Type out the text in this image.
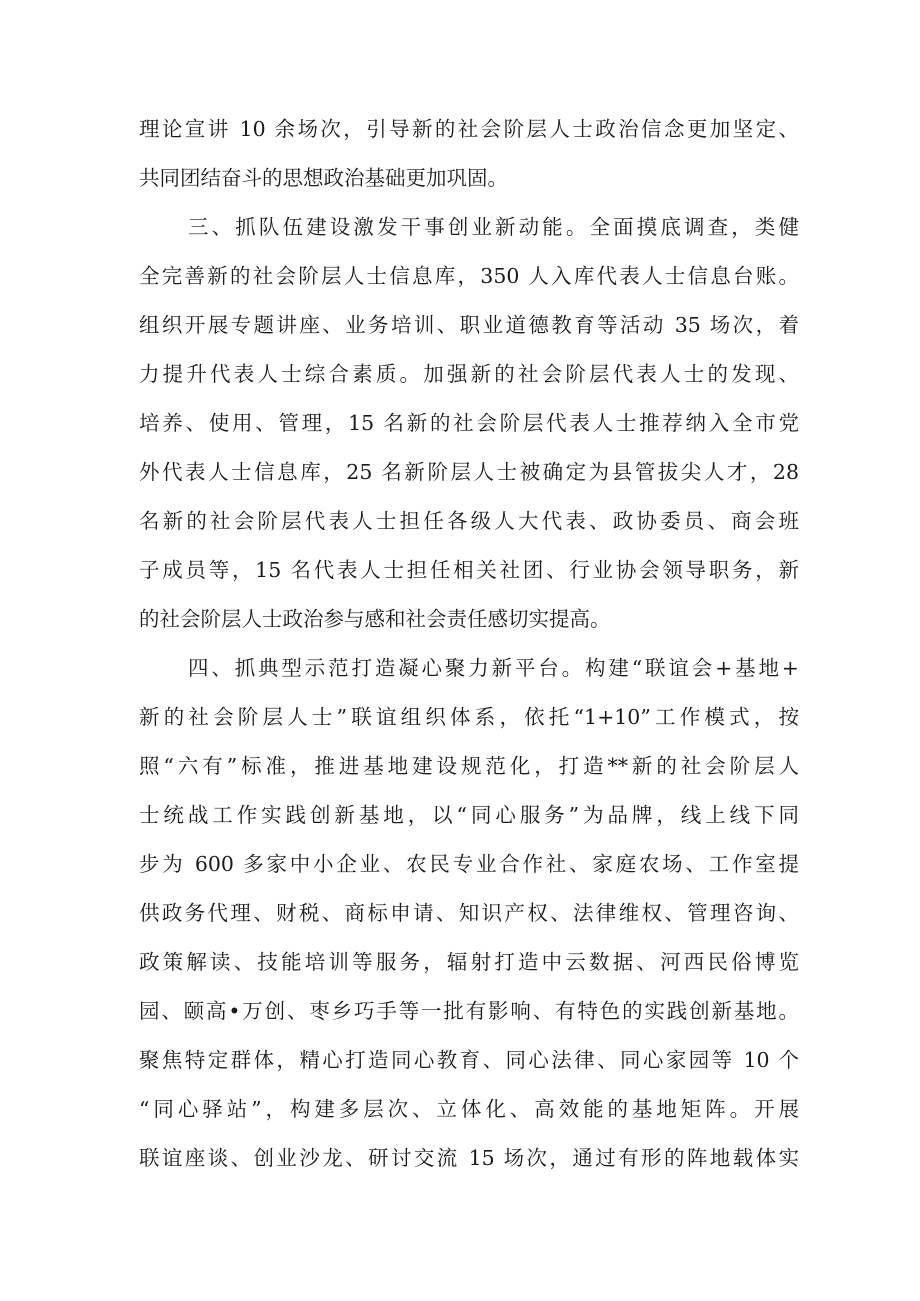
理论宣讲 10 余场次，引导新的社会阶层人士政治信念更加坚定、
共同团结奋斗的思想政治基础更加巩固。
三、抓队伍建设激发干事创业新动能。全面摸底调查，类健
全完善新的社会阶层人士信息库，350 人入库代表人士信息台账。
组织开展专题讲座、业务培训、职业道德教育等活动 35 场次，着
力提升代表人士综合素质。加强新的社会阶层代表人士的发现、
培养、使用、管理，15 名新的社会阶层代表人士推荐纳入全市党
外代表人士信息库，25 名新阶层人士被确定为县管拔尖人才，28
名新的社会阶层代表人士担任各级人大代表、政协委员、商会班
子成员等，15 名代表人士担任相关社团、行业协会领导职务，新
的社会阶层人士政治参与感和社会责任感切实提高。
四、抓典型示范打造凝心聚力新平台。构建“联谊会+基地+
新的社会阶层人士”联谊组织体系，依托“1+10”工作模式，按
照“六有”标准，推进基地建设规范化，打造**新的社会阶层人
士统战工作实践创新基地，以“同心服务”为品牌，线上线下同
步为 600 多家中小企业、农民专业合作社、家庭农场、工作室提
供政务代理、财税、商标申请、知识产权、法律维权、管理咨询、
政策解读、技能培训等服务，辐射打造中云数据、河西民俗博览
园、颐高•万创、枣乡巧手等一批有影响、有特色的实践创新基地。
聚焦特定群体，精心打造同心教育、同心法律、同心家园等 10 个
“同心驿站”，构建多层次、立体化、高效能的基地矩阵。开展
联谊座谈、创业沙龙、研讨交流 15 场次，通过有形的阵地载体实
